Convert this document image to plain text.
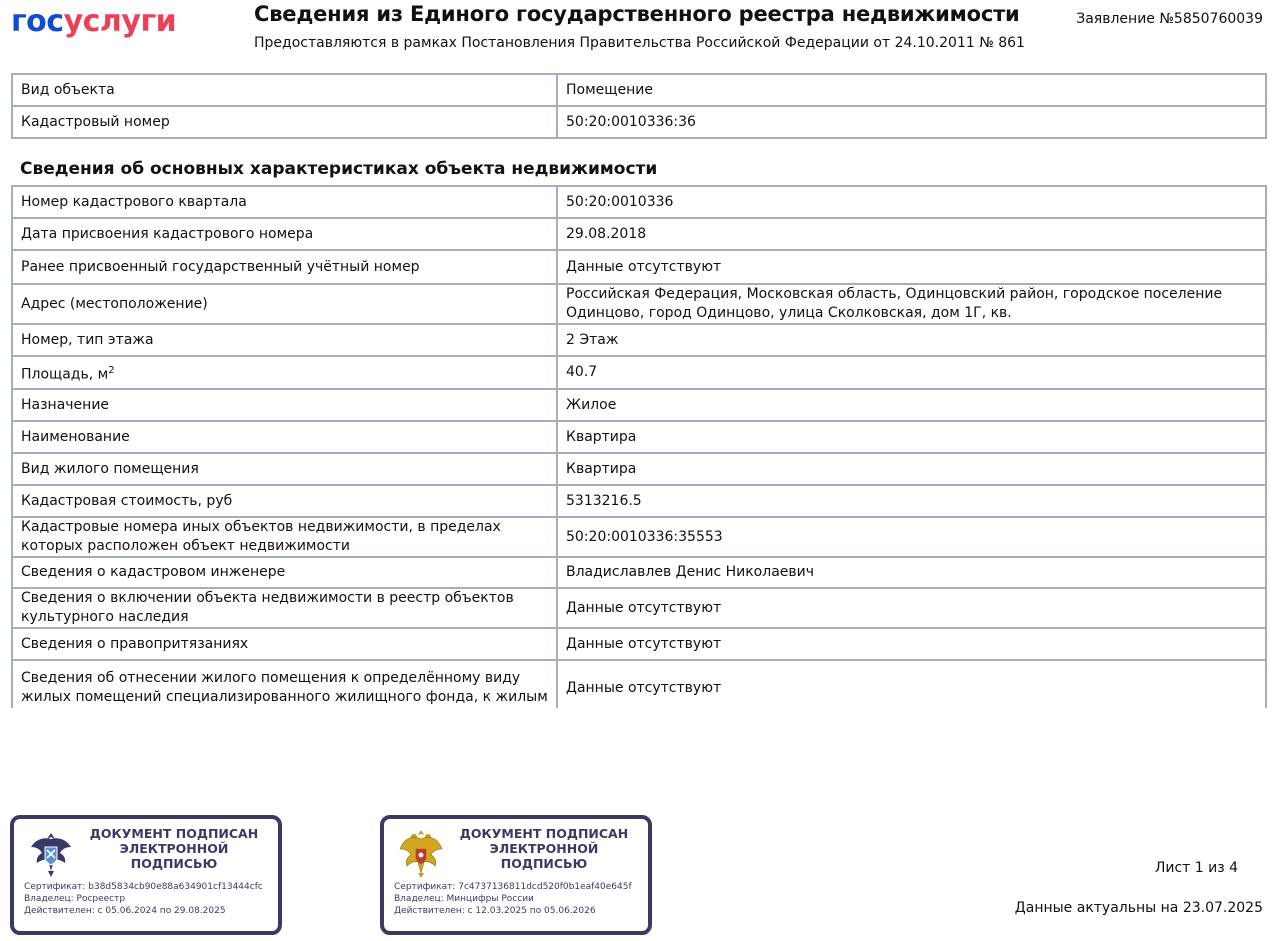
госуслуги	Сведения из Единого государственного реестра недвижимости
Предоставляются в рамках Постановления Правительства Российской Федерации от 24.10.2011 № 861
Заявление №5850760039
Вид объекта	Помещение
Кадастровый номер	50:20:0010336:36
Сведения об основных характеристиках объекта недвижимости
Номер кадастрового квартала	50:20:0010336
Дата присвоения кадастрового номера	29.08.2018
Ранее присвоенный государственный учётный номер	Данные отсутствуют
Адрес (местоположение)	Российская Федерация, Московская область, Одинцовский район, городское поселение Одинцово, город Одинцово, улица Сколковская, дом 1Г, кв.
Номер, тип этажа	2 Этаж
Площадь, $м^2$	40.7
Назначение	Жилое
Наименование	Квартира
Вид жилого помещения	Квартира
Кадастровая стоимость, руб	5313216.5
Кадастровые номера иных объектов недвижимости, в пределах которых расположен объект недвижимости	50:20:0010336:35553
Сведения о кадастровом инженере	Владиславлев Денис Николаевич
Сведения о включении объекта недвижимости в реестр объектов культурного наследия	Данные отсутствуют
Сведения о правопритязаниях	Данные отсутствуют
Сведения об отнесении жилого помещения к определённому виду жилых помещений специализированного жилищного фонда, к жилым	Данные отсутствуют
ДОКУМЕНТ ПОДПИСАН
ЭЛЕКТРОННОЙ
ПОДПИСЬЮ
Сертификат: b38d5834cb90e88a634901cf13444cfc
Владелец: Росреестр
Действителен: с 05.06.2024 по 29.08.2025
ДОКУМЕНТ ПОДПИСАН
ЭЛЕКТРОННОЙ
ПОДПИСЬЮ
Сертификат: 7c4737136811dcd520f0b1eaf40e645f
Владелец: Минцифры России
Действителен: с 12.03.2025 по 05.06.2026
Лист 1 из 4
Данные актуальны на 23.07.2025
